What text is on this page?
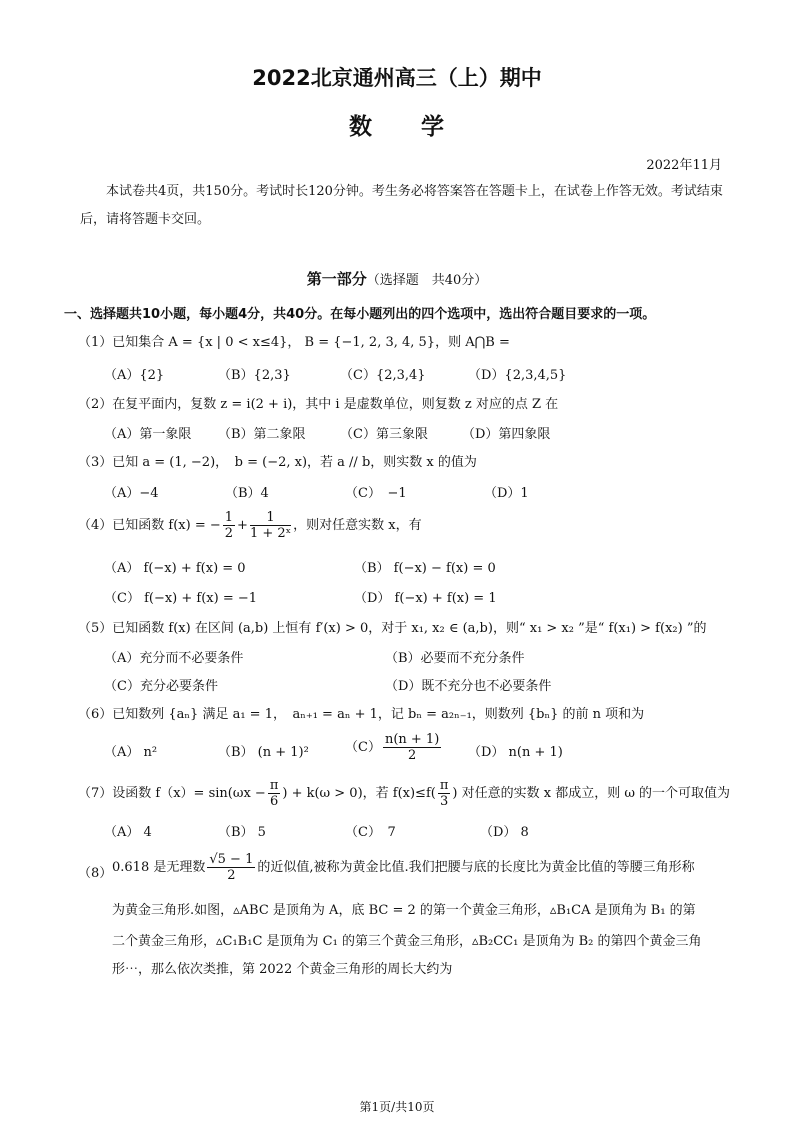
2022北京通州高三（上）期中
数　　学
2022年11月
本试卷共4页，共150分。考试时长120分钟。考生务必将答案答在答题卡上，在试卷上作答无效。考试结束后，请将答题卡交回。
第一部分（选择题　共40分）
一、选择题共10小题，每小题4分，共40分。在每小题列出的四个选项中，选出符合题目要求的一项。
（1）已知集合 A = {x | 0 < x≤4}， B = {−1, 2, 3, 4, 5}，则 A⋂B =
（A）{2}	（B）{2,3}	（C）{2,3,4}	（D）{2,3,4,5}
（2）在复平面内，复数 z = i(2 + i)，其中 i 是虚数单位，则复数 z 对应的点 Z 在
（A）第一象限 （B）第二象限	（C）第三象限	（D）第四象限
（3）已知 a = (1, −2)，　b = (−2, x)，若 a // b，则实数 x 的值为
（A）−4	（B）4	（C）　−1	（D）1
（4）已知函数 f(x) = − $\frac{1}{2} + \frac{1}{\text{1 + 2ˣ}}$ ，则对任意实数 x，有
（A） f(−x) + f(x) = 0	（B） f(−x) − f(x) = 0
（C） f(−x) + f(x) = −1	（D） f(−x) + f(x) = 1
（5）已知函数 f(x) 在区间 (a,b) 上恒有 f′(x) > 0，对于 x₁, x₂ ∈ (a,b)，则“ x₁ > x₂ ”是“ f(x₁) > f(x₂) ”的
（A）充分而不必要条件	（B）必要而不充分条件
（C）充分必要条件	（D）既不充分也不必要条件
（6）已知数列 {aₙ} 满足 a₁ = 1，　aₙ₊₁ = aₙ + 1，记 bₙ = a₂ₙ₋₁，则数列 {bₙ} 的前 n 项和为
（A） n²	（B） (n + 1)²	$(C) \frac{n(n + 1)}{2} (D) n(n + 1)$
（7）设函数 $f(x)= \sin(\omega x - \frac{\pi}{6}$ ) + k(ω > 0)，若 $f(x)\le f( \frac{\pi}{3}$ ) 对任意的实数 x 都成立，则 ω 的一个可取值为
（A） 4	（B） 5	（C）　7	（D） 8
（8） 0.618 是无理数 $\frac{√5 - 1}{2}$ 的近似值,被称为黄金比值.我们把腰与底的长度比为黄金比值的等腰三角形称
为黄金三角形.如图，▵ABC 是顶角为 A，底 BC = 2 的第一个黄金三角形，▵B₁CA 是顶角为 B₁ 的第
二个黄金三角形，▵C₁B₁C 是顶角为 C₁ 的第三个黄金三角形，▵B₂CC₁ 是顶角为 B₂ 的第四个黄金三角
形⋯，那么依次类推，第 2022 个黄金三角形的周长大约为
第1页/共10页
